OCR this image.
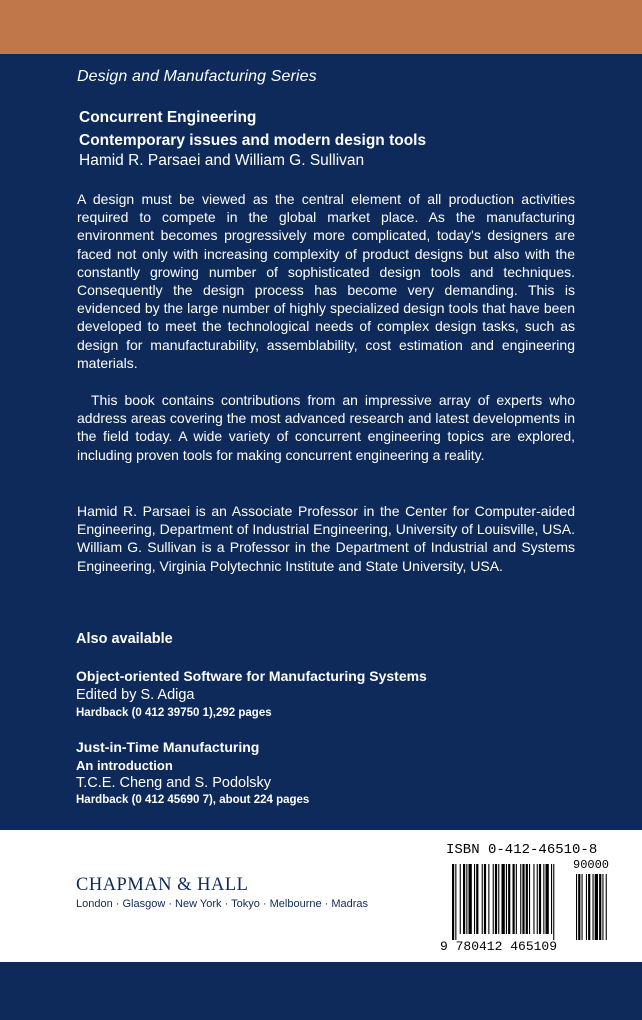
Design and Manufacturing Series
Concurrent Engineering
Contemporary issues and modern design tools
Hamid R. Parsaei and William G. Sullivan

A design must be viewed as the central element of all production activities required to compete in the global market place. As the manufacturing environment becomes progressively more complicated, today's designers are faced not only with increasing complexity of product designs but also with the constantly growing number of sophisticated design tools and techniques. Consequently the design process has become very demanding. This is evidenced by the large number of highly specialized design tools that have been developed to meet the technological needs of complex design tasks, such as design for manufacturability, assemblability, cost estimation and engineering materials.

This book contains contributions from an impressive array of experts who address areas covering the most advanced research and latest developments in the field today. A wide variety of concurrent engineering topics are explored, including proven tools for making concurrent engineering a reality.

Hamid R. Parsaei is an Associate Professor in the Center for Computer-aided Engineering, Department of Industrial Engineering, University of Louisville, USA. William G. Sullivan is a Professor in the Department of Industrial and Systems Engineering, Virginia Polytechnic Institute and State University, USA.

Also available
Object-oriented Software for Manufacturing Systems
Edited by S. Adiga
Hardback (0 412 39750 1),292 pages
Just-in-Time Manufacturing
An introduction
T.C.E. Cheng and S. Podolsky
Hardback (0 412 45690 7), about 224 pages
CHAPMAN & HALL
London · Glasgow · New York · Tokyo · Melbourne · Madras
ISBN 0-412-46510-8
90000
9 780412 465109
